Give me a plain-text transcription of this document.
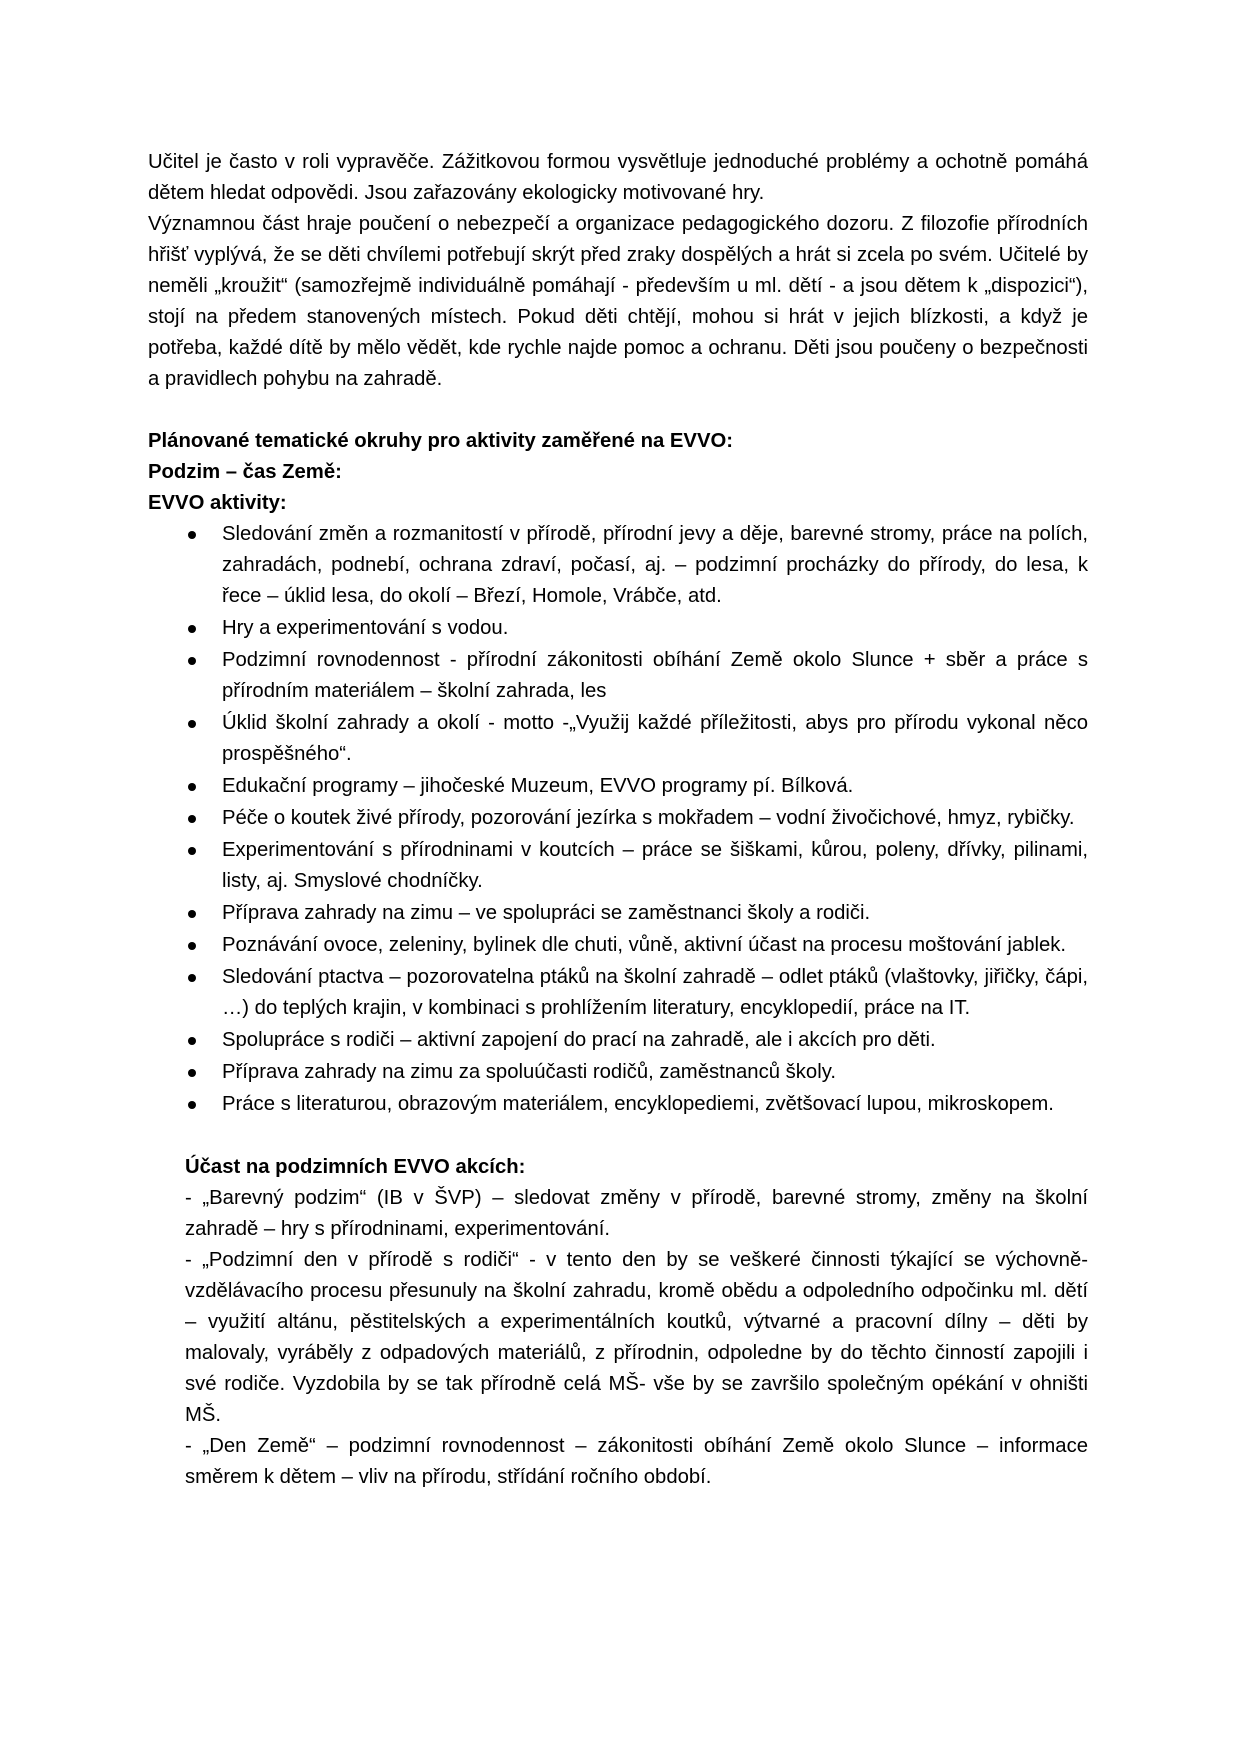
Učitel je často v roli vypravěče. Zážitkovou formou vysvětluje jednoduché problémy a ochotně pomáhá dětem hledat odpovědi. Jsou zařazovány ekologicky motivované hry.

Významnou část hraje poučení o nebezpečí a organizace pedagogického dozoru. Z filozofie přírodních hřišť vyplývá, že se děti chvílemi potřebují skrýt před zraky dospělých a hrát si zcela po svém. Učitelé by neměli „kroužit“ (samozřejmě individuálně pomáhají - především u ml. dětí - a jsou dětem k „dispozici“), stojí na předem stanovených místech. Pokud děti chtějí, mohou si hrát v jejich blízkosti, a když je potřeba, každé dítě by mělo vědět, kde rychle najde pomoc a ochranu. Děti jsou poučeny o bezpečnosti a pravidlech pohybu na zahradě.

Plánované tematické okruhy pro aktivity zaměřené na EVVO:

Podzim – čas Země:

EVVO aktivity:

Sledování změn a rozmanitostí v přírodě, přírodní jevy a děje, barevné stromy, práce na polích, zahradách, podnebí, ochrana zdraví, počasí, aj. – podzimní procházky do přírody, do lesa, k řece – úklid lesa, do okolí – Březí, Homole, Vrábče, atd.
Hry a experimentování s vodou.
Podzimní rovnodennost - přírodní zákonitosti obíhání Země okolo Slunce + sběr a práce s přírodním materiálem – školní zahrada, les
Úklid školní zahrady a okolí - motto -„Využij každé příležitosti, abys pro přírodu vykonal něco prospěšného“.
Edukační programy – jihočeské Muzeum, EVVO programy pí. Bílková.
Péče o koutek živé přírody, pozorování jezírka s mokřadem – vodní živočichové, hmyz, rybičky.
Experimentování s přírodninami v koutcích – práce se šiškami, kůrou, poleny, dřívky, pilinami, listy, aj. Smyslové chodníčky.
Příprava zahrady na zimu – ve spolupráci se zaměstnanci školy a rodiči.
Poznávání ovoce, zeleniny, bylinek dle chuti, vůně, aktivní účast na procesu moštování jablek.
Sledování ptactva – pozorovatelna ptáků na školní zahradě – odlet ptáků (vlaštovky, jiřičky, čápi, …) do teplých krajin, v kombinaci s prohlížením literatury, encyklopedií, práce na IT.
Spolupráce s rodiči – aktivní zapojení do prací na zahradě, ale i akcích pro děti.
Příprava zahrady na zimu za spoluúčasti rodičů, zaměstnanců školy.
Práce s literaturou, obrazovým materiálem, encyklopediemi, zvětšovací lupou, mikroskopem.

Účast na podzimních EVVO akcích:

- „Barevný podzim“ (IB v ŠVP) – sledovat změny v přírodě, barevné stromy, změny na školní zahradě – hry s přírodninami, experimentování.

- „Podzimní den v přírodě s rodiči“ - v tento den by se veškeré činnosti týkající se výchovně-vzdělávacího procesu přesunuly na školní zahradu, kromě obědu a odpoledního odpočinku ml. dětí – využití altánu, pěstitelských a experimentálních koutků, výtvarné a pracovní dílny – děti by malovaly, vyráběly z odpadových materiálů, z přírodnin, odpoledne by do těchto činností zapojili i své rodiče. Vyzdobila by se tak přírodně celá MŠ- vše by se završilo společným opékání v ohništi MŠ.

- „Den Země“ – podzimní rovnodennost – zákonitosti obíhání Země okolo Slunce – informace směrem k dětem – vliv na přírodu, střídání ročního období.
